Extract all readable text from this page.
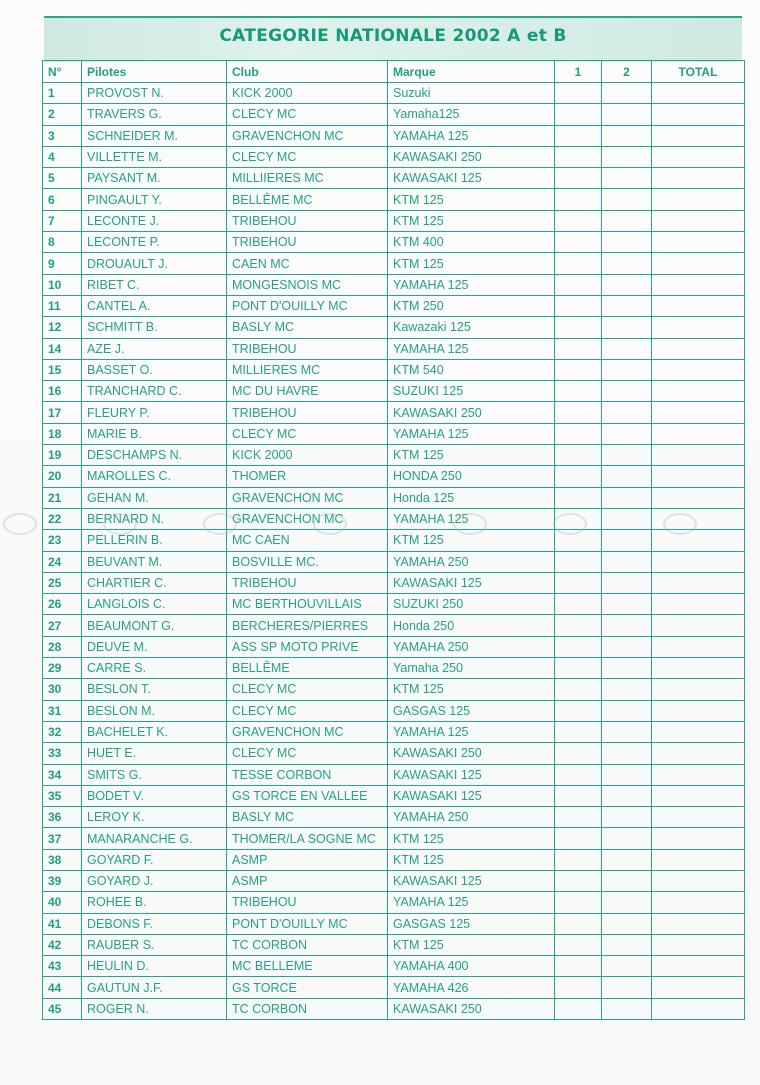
CATEGORIE NATIONALE 2002 A et B
N°	Pilotes	Club	Marque	1	2	TOTAL
1	PROVOST N.	KICK 2000	Suzuki			
2	TRAVERS G.	CLECY MC	Yamaha125			
3	SCHNEIDER M.	GRAVENCHON MC	YAMAHA 125			
4	VILLETTE M.	CLECY MC	KAWASAKI 250			
5	PAYSANT M.	MILLIIERES MC	KAWASAKI 125			
6	PINGAULT Y.	BELLÊME MC	KTM 125			
7	LECONTE J.	TRIBEHOU	KTM 125			
8	LECONTE P.	TRIBEHOU	KTM 400			
9	DROUAULT J.	CAEN MC	KTM 125			
10	RIBET C.	MONGESNOIS MC	YAMAHA 125			
11	CANTEL A.	PONT D'OUILLY MC	KTM 250			
12	SCHMITT B.	BASLY MC	Kawazaki 125			
14	AZE J.	TRIBEHOU	YAMAHA 125			
15	BASSET O.	MILLIERES MC	KTM 540			
16	TRANCHARD C.	MC DU HAVRE	SUZUKI 125			
17	FLEURY P.	TRIBEHOU	KAWASAKI 250			
18	MARIE B.	CLECY MC	YAMAHA 125			
19	DESCHAMPS N.	KICK 2000	KTM 125			
20	MAROLLES C.	THOMER	HONDA 250			
21	GEHAN M.	GRAVENCHON MC	Honda 125			
22	BERNARD N.	GRAVENCHON MC	YAMAHA 125			
23	PELLERIN B.	MC CAEN	KTM 125			
24	BEUVANT M.	BOSVILLE MC.	YAMAHA 250			
25	CHARTIER C.	TRIBEHOU	KAWASAKI 125			
26	LANGLOIS C.	MC BERTHOUVILLAIS	SUZUKI 250			
27	BEAUMONT G.	BERCHERES/PIERRES	Honda 250			
28	DEUVE M.	ASS SP MOTO PRIVE	YAMAHA 250			
29	CARRE S.	BELLÊME	Yamaha 250			
30	BESLON T.	CLECY MC	KTM 125			
31	BESLON M.	CLECY MC	GASGAS 125			
32	BACHELET K.	GRAVENCHON MC	YAMAHA 125			
33	HUET E.	CLECY MC	KAWASAKI 250			
34	SMITS G.	TESSE CORBON	KAWASAKI 125			
35	BODET V.	GS TORCE EN VALLEE	KAWASAKI 125			
36	LEROY K.	BASLY MC	YAMAHA 250			
37	MANARANCHE G.	THOMER/LA SOGNE MC	KTM 125			
38	GOYARD F.	ASMP	KTM 125			
39	GOYARD J.	ASMP	KAWASAKI 125			
40	ROHEE B.	TRIBEHOU	YAMAHA 125			
41	DEBONS F.	PONT D'OUILLY MC	GASGAS 125			
42	RAUBER S.	TC CORBON	KTM 125			
43	HEULIN D.	MC BELLEME	YAMAHA 400			
44	GAUTUN J.F.	GS TORCE	YAMAHA 426			
45	ROGER N.	TC CORBON	KAWASAKI 250			
